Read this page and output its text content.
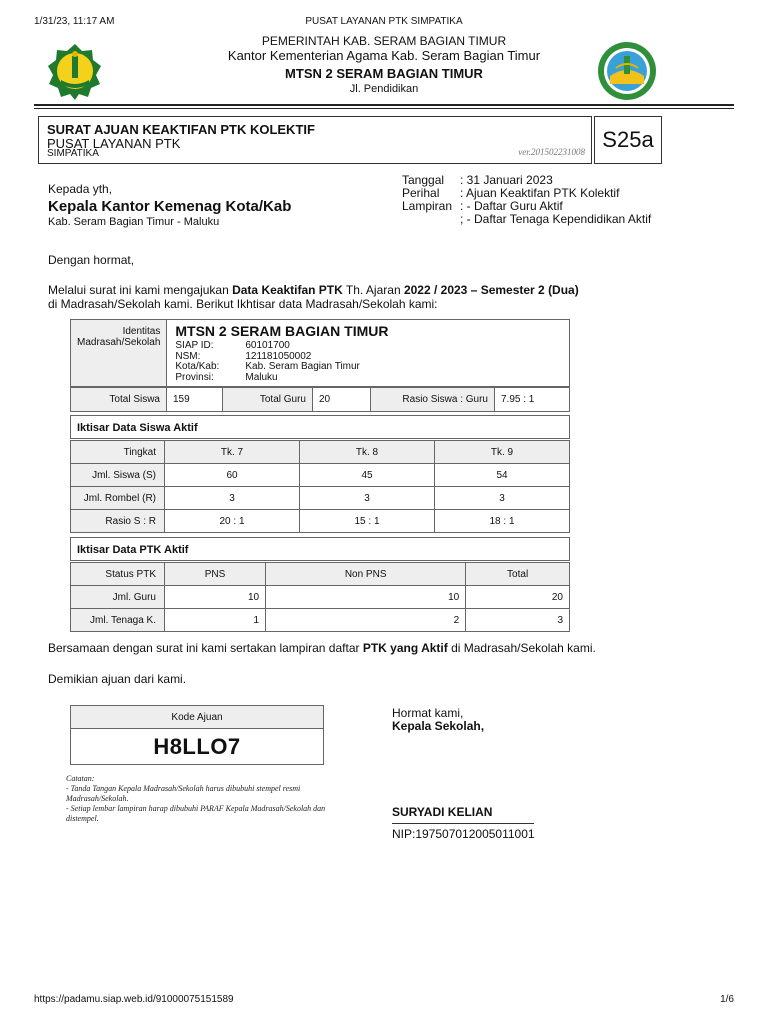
1/31/23, 11:17 AM	PUSAT LAYANAN PTK SIMPATIKA
PEMERINTAH KAB. SERAM BAGIAN TIMUR
Kantor Kementerian Agama Kab. Seram Bagian Timur
MTSN 2 SERAM BAGIAN TIMUR
Jl. Pendidikan
SURAT AJUAN KEAKTIFAN PTK KOLEKTIF
PUSAT LAYANAN PTK
SIMPATIKA	ver.201502231008 S25a
Kepada yth,
Kepala Kantor Kemenag Kota/Kab
Kab. Seram Bagian Timur - Maluku
Tanggal	: 31 Januari 2023
Perihal	: Ajuan Keaktifan PTK Kolektif
Lampiran : - Daftar Guru Aktif
; - Daftar Tenaga Kependidikan Aktif
Dengan hormat,
Melalui surat ini kami mengajukan Data Keaktifan PTK Th. Ajaran 2022 / 2023 – Semester 2 (Dua) di Madrasah/Sekolah kami. Berikut Ikhtisar data Madrasah/Sekolah kami:
Identitas Madrasah/Sekolah	
MTSN 2 SERAM BAGIAN TIMUR
SIAP ID:	60101700
NSM:	121181050002
Kota/Kab:	Kab. Seram Bagian Timur
Provinsi:	Maluku
Total Siswa	159	Total Guru	20	Rasio Siswa : Guru	7.95 : 1
Iktisar Data Siswa Aktif
Tingkat	Tk. 7	Tk. 8	Tk. 9
Jml. Siswa (S)	60	45	54
Jml. Rombel (R)	3	3	3
Rasio S : R	20 : 1	15 : 1	18 : 1
Iktisar Data PTK Aktif
Status PTK	PNS	Non PNS	Total
Jml. Guru	10	10	20
Jml. Tenaga K.	1	2	3
Bersamaan dengan surat ini kami sertakan lampiran daftar PTK yang Aktif di Madrasah/Sekolah kami.
Demikian ajuan dari kami.
Kode Ajuan
H8LLO7
Catatan:
- Tanda Tangan Kepala Madrasah/Sekolah harus dibubuhi stempel resmi Madrasah/Sekolah.
- Setiap lembar lampiran harap dibubuhi PARAF Kepala Madrasah/Sekolah dan distempel.
Hormat kami,
Kepala Sekolah,
SURYADI KELIAN
NIP:197507012005011001
https://padamu.siap.web.id/91000075151589	1/6
